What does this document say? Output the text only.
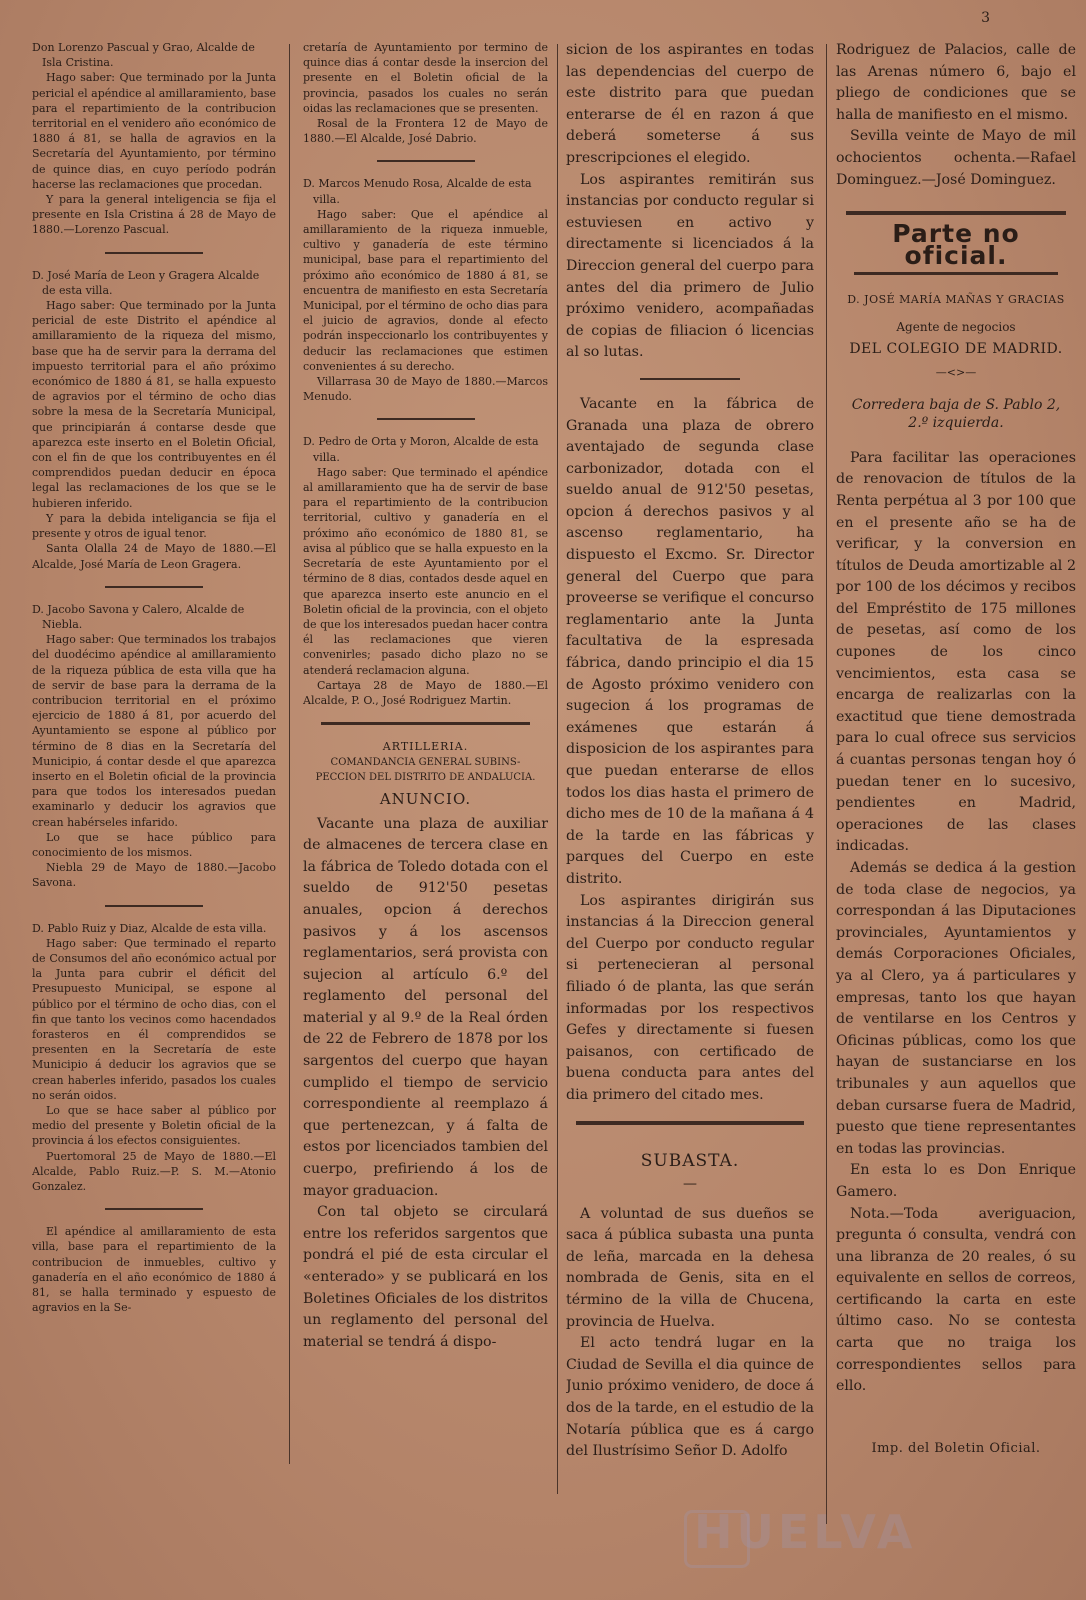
3
Don Lorenzo Pascual y Grao, Alcalde de Isla Cristina.

Hago saber: Que terminado por la Junta pericial el apéndice al amillaramiento, base para el repartimiento de la contribucion territorial en el venidero año económico de 1880 á 81, se halla de agravios en la Secretaría del Ayuntamiento, por término de quince dias, en cuyo período podrán hacerse las reclamaciones que procedan.

Y para la general inteligencia se fija el presente en Isla Cristina á 28 de Mayo de 1880.—Lorenzo Pascual.

D. José María de Leon y Gragera Alcalde de esta villa.

Hago saber: Que terminado por la Junta pericial de este Distrito el apéndice al amillaramiento de la riqueza del mismo, base que ha de servir para la derrama del impuesto territorial para el año próximo económico de 1880 á 81, se halla expuesto de agravios por el término de ocho dias sobre la mesa de la Secretaría Municipal, que principiarán á contarse desde que aparezca este inserto en el Boletin Oficial, con el fin de que los contribuyentes en él comprendidos puedan deducir en época legal las reclamaciones de los que se le hubieren inferido.

Y para la debida inteligancia se fija el presente y otros de igual tenor.

Santa Olalla 24 de Mayo de 1880.—El Alcalde, José María de Leon Gragera.

D. Jacobo Savona y Calero, Alcalde de Niebla.

Hago saber: Que terminados los trabajos del duodécimo apéndice al amillaramiento de la riqueza pública de esta villa que ha de servir de base para la derrama de la contribucion territorial en el próximo ejercicio de 1880 á 81, por acuerdo del Ayuntamiento se espone al público por término de 8 dias en la Secretaría del Municipio, á contar desde el que aparezca inserto en el Boletin oficial de la provincia para que todos los interesados puedan examinarlo y deducir los agravios que crean habérseles infarido.

Lo que se hace público para conocimiento de los mismos.

Niebla 29 de Mayo de 1880.—Jacobo Savona.

D. Pablo Ruiz y Diaz, Alcalde de esta villa.

Hago saber: Que terminado el reparto de Consumos del año económico actual por la Junta para cubrir el déficit del Presupuesto Municipal, se espone al público por el término de ocho dias, con el fin que tanto los vecinos como hacendados forasteros en él comprendidos se presenten en la Secretaría de este Municipio á deducir los agravios que se crean haberles inferido, pasados los cuales no serán oidos.

Lo que se hace saber al público por medio del presente y Boletin oficial de la provincia á los efectos consiguientes.

Puertomoral 25 de Mayo de 1880.—El Alcalde, Pablo Ruiz.—P. S. M.—Atonio Gonzalez.

El apéndice al amillaramiento de esta villa, base para el repartimiento de la contribucion de inmuebles, cultivo y ganadería en el año económico de 1880 á 81, se halla terminado y espuesto de agravios en la Se-

cretaría de Ayuntamiento por termino de quince dias á contar desde la insercion del presente en el Boletin oficial de la provincia, pasados los cuales no serán oidas las reclamaciones que se presenten.

Rosal de la Frontera 12 de Mayo de 1880.—El Alcalde, José Dabrio.

D. Marcos Menudo Rosa, Alcalde de esta villa.

Hago saber: Que el apéndice al amillaramiento de la riqueza inmueble, cultivo y ganadería de este término municipal, base para el repartimiento del próximo año económico de 1880 á 81, se encuentra de manifiesto en esta Secretaría Municipal, por el término de ocho dias para el juicio de agravios, donde al efecto podrán inspeccionarlo los contribuyentes y deducir las reclamaciones que estimen convenientes á su derecho.

Villarrasa 30 de Mayo de 1880.—Marcos Menudo.

D. Pedro de Orta y Moron, Alcalde de esta villa.

Hago saber: Que terminado el apéndice al amillaramiento que ha de servir de base para el repartimiento de la contribucion territorial, cultivo y ganadería en el próximo año económico de 1880 81, se avisa al público que se halla expuesto en la Secretaría de este Ayuntamiento por el término de 8 dias, contados desde aquel en que aparezca inserto este anuncio en el Boletin oficial de la provincia, con el objeto de que los interesados puedan hacer contra él las reclamaciones que vieren convenirles; pasado dicho plazo no se atenderá reclamacion alguna.

Cartaya 28 de Mayo de 1880.—El Alcalde, P. O., José Rodriguez Martin.

ARTILLERIA.
COMANDANCIA GENERAL SUBINS-
PECCION DEL DISTRITO DE ANDALUCIA.
ANUNCIO.

Vacante una plaza de auxiliar de almacenes de tercera clase en la fábrica de Toledo dotada con el sueldo de 912'50 pesetas anuales, opcion á derechos pasivos y á los ascensos reglamentarios, será provista con sujecion al artículo 6.º del reglamento del personal del material y al 9.º de la Real órden de 22 de Febrero de 1878 por los sargentos del cuerpo que hayan cumplido el tiempo de servicio correspondiente al reemplazo á que pertenezcan, y á falta de estos por licenciados tambien del cuerpo, prefiriendo á los de mayor graduacion.

Con tal objeto se circulará entre los referidos sargentos que pondrá el pié de esta circular el «enterado» y se publicará en los Boletines Oficiales de los distritos un reglamento del personal del material se tendrá á dispo-

sicion de los aspirantes en todas las dependencias del cuerpo de este distrito para que puedan enterarse de él en razon á que deberá someterse á sus prescripciones el elegido.

Los aspirantes remitirán sus instancias por conducto regular si estuviesen en activo y directamente si licenciados á la Direccion general del cuerpo para antes del dia primero de Julio próximo venidero, acompañadas de copias de filiacion ó licencias al so lutas.

Vacante en la fábrica de Granada una plaza de obrero aventajado de segunda clase carbonizador, dotada con el sueldo anual de 912'50 pesetas, opcion á derechos pasivos y al ascenso reglamentario, ha dispuesto el Excmo. Sr. Director general del Cuerpo que para proveerse se verifique el concurso reglamentario ante la Junta facultativa de la espresada fábrica, dando principio el dia 15 de Agosto próximo venidero con sugecion á los programas de exámenes que estarán á disposicion de los aspirantes para que puedan enterarse de ellos todos los dias hasta el primero de dicho mes de 10 de la mañana á 4 de la tarde en las fábricas y parques del Cuerpo en este distrito.

Los aspirantes dirigirán sus instancias á la Direccion general del Cuerpo por conducto regular si pertenecieran al personal filiado ó de planta, las que serán informadas por los respectivos Gefes y directamente si fuesen paisanos, con certificado de buena conducta para antes del dia primero del citado mes.

SUBASTA.
—

A voluntad de sus dueños se saca á pública subasta una punta de leña, marcada en la dehesa nombrada de Genis, sita en el término de la villa de Chucena, provincia de Huelva.

El acto tendrá lugar en la Ciudad de Sevilla el dia quince de Junio próximo venidero, de doce á dos de la tarde, en el estudio de la Notaría pública que es á cargo del Ilustrísimo Señor D. Adolfo

Rodriguez de Palacios, calle de las Arenas número 6, bajo el pliego de condiciones que se halla de manifiesto en el mismo.

Sevilla veinte de Mayo de mil ochocientos ochenta.—Rafael Dominguez.—José Dominguez.

Parte no oficial.
D. JOSÉ MARÍA MAÑAS Y GRACIAS
Agente de negocios
DEL COLEGIO DE MADRID.
—<>—
Corredera baja de S. Pablo 2,
2.º izquierda.

Para facilitar las operaciones de renovacion de títulos de la Renta perpétua al 3 por 100 que en el presente año se ha de verificar, y la conversion en títulos de Deuda amortizable al 2 por 100 de los décimos y recibos del Empréstito de 175 millones de pesetas, así como de los cupones de los cinco vencimientos, esta casa se encarga de realizarlas con la exactitud que tiene demostrada para lo cual ofrece sus servicios á cuantas personas tengan hoy ó puedan tener en lo sucesivo, pendientes en Madrid, operaciones de las clases indicadas.

Además se dedica á la gestion de toda clase de negocios, ya correspondan á las Diputaciones provinciales, Ayuntamientos y demás Corporaciones Oficiales, ya al Clero, ya á particulares y empresas, tanto los que hayan de ventilarse en los Centros y Oficinas públicas, como los que hayan de sustanciarse en los tribunales y aun aquellos que deban cursarse fuera de Madrid, puesto que tiene representantes en todas las provincias.

En esta lo es Don Enrique Gamero.

Nota.—Toda averiguacion, pregunta ó consulta, vendrá con una libranza de 20 reales, ó su equivalente en sellos de correos, certificando la carta en este último caso. No se contesta carta que no traiga los correspondientes sellos para ello.

Imp. del Boletin Oficial.
HUELVA
